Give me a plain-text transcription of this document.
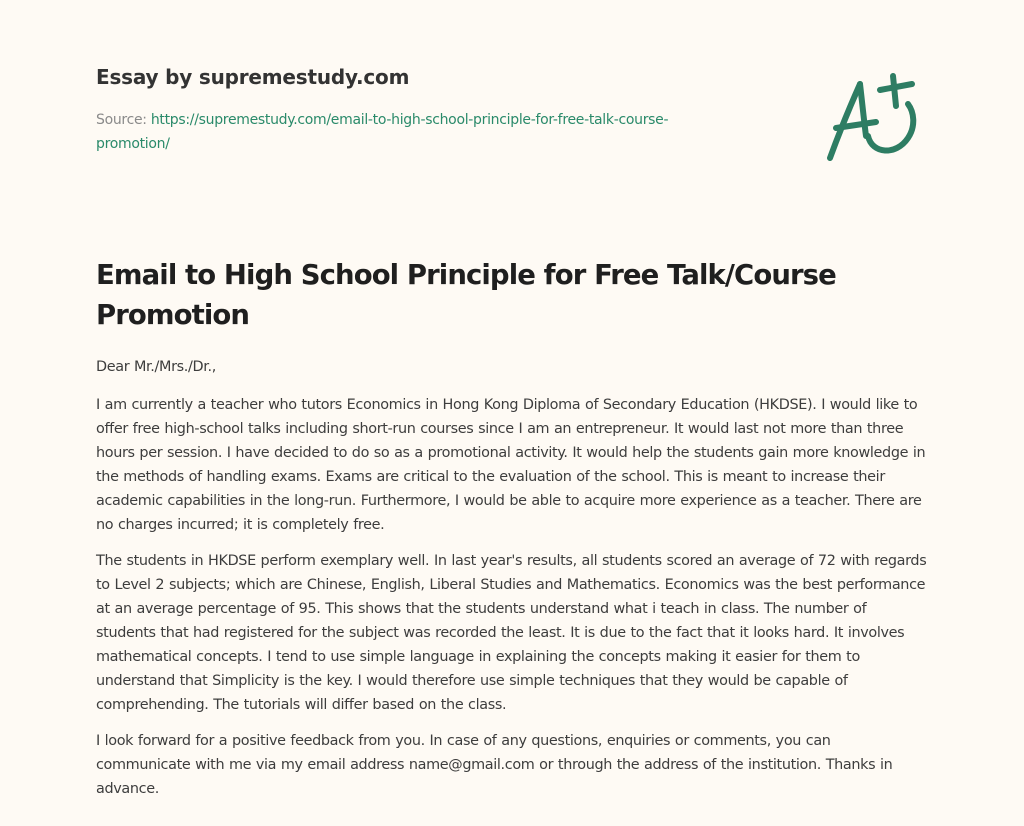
Essay by supremestudy.com
Source: https://supremestudy.com/email-to-high-school-principle-for-free-talk-course-
promotion/
Email to High School Principle for Free Talk/Course Promotion

Dear Mr./Mrs./Dr.,

I am currently a teacher who tutors Economics in Hong Kong Diploma of Secondary Education (HKDSE). I would like to offer free high-school talks including short-run courses since I am an entrepreneur. It would last not more than three hours per session. I have decided to do so as a promotional activity. It would help the students gain more knowledge in the methods of handling exams. Exams are critical to the evaluation of the school. This is meant to increase their academic capabilities in the long-run. Furthermore, I would be able to acquire more experience as a teacher. There are no charges incurred; it is completely free.

The students in HKDSE perform exemplary well. In last year's results, all students scored an average of 72 with regards to Level 2 subjects; which are Chinese, English, Liberal Studies and Mathematics. Economics was the best performance at an average percentage of 95. This shows that the students understand what i teach in class. The number of students that had registered for the subject was recorded the least. It is due to the fact that it looks hard. It involves mathematical concepts. I tend to use simple language in explaining the concepts making it easier for them to understand that Simplicity is the key. I would therefore use simple techniques that they would be capable of comprehending. The tutorials will differ based on the class.

I look forward for a positive feedback from you. In case of any questions, enquiries or comments, you can communicate with me via my email address name@gmail.com or through the address of the institution. Thanks in advance.
